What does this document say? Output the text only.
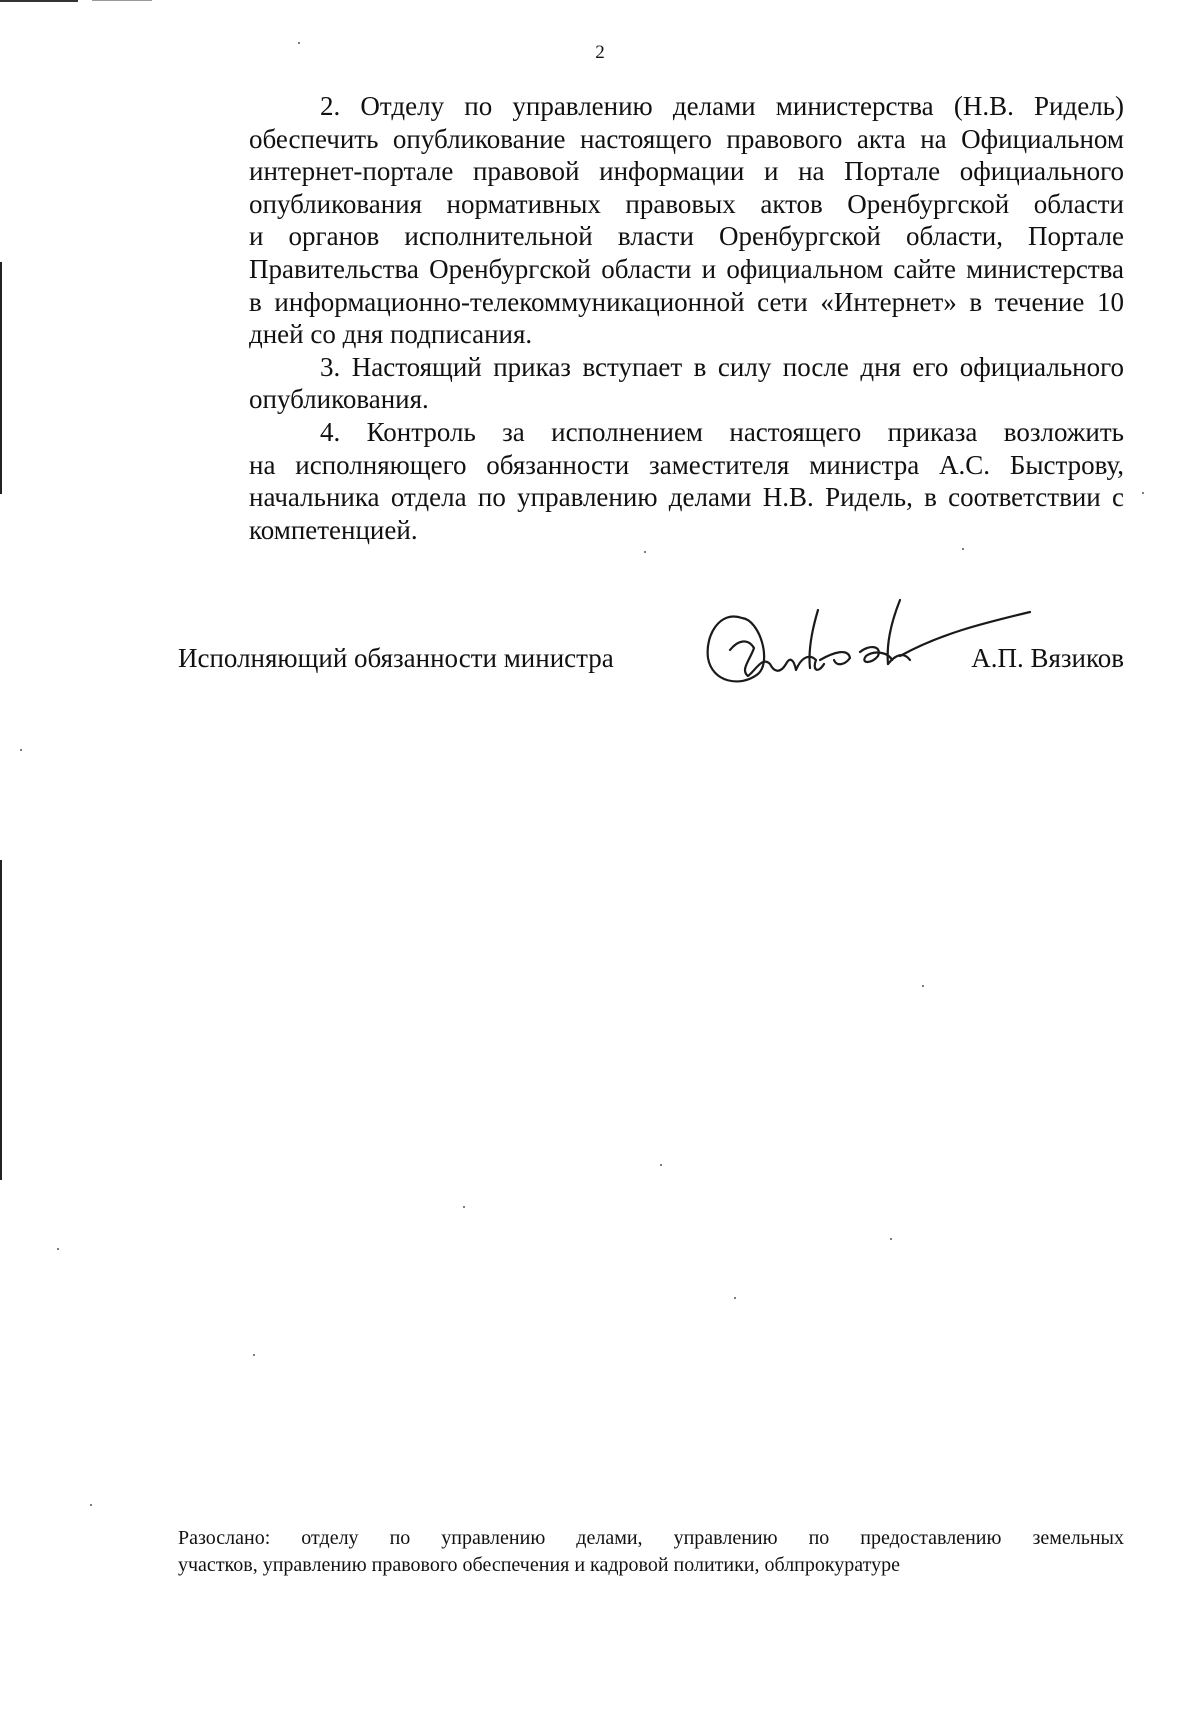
2
2. Отделу по управлению делами министерства (Н.В. Ридель)
обеспечить опубликование настоящего правового акта на Официальном
интернет-портале правовой информации и на Портале официального
опубликования нормативных правовых актов Оренбургской области
и органов исполнительной власти Оренбургской области, Портале
Правительства Оренбургской области и официальном сайте министерства
в информационно-телекоммуникационной сети «Интернет» в течение 10
дней со дня подписания.
3. Настоящий приказ вступает в силу после дня его официального
опубликования.
4. Контроль за исполнением настоящего приказа возложить
на исполняющего обязанности заместителя министра А.С. Быстрову,
начальника отдела по управлению делами Н.В. Ридель, в соответствии с
компетенцией.
Исполняющий обязанности министра	А.П. Вязиков
Разослано: отделу по управлению делами, управлению по предоставлению земельных
участков, управлению правового обеспечения и кадровой политики, облпрокуратуре
